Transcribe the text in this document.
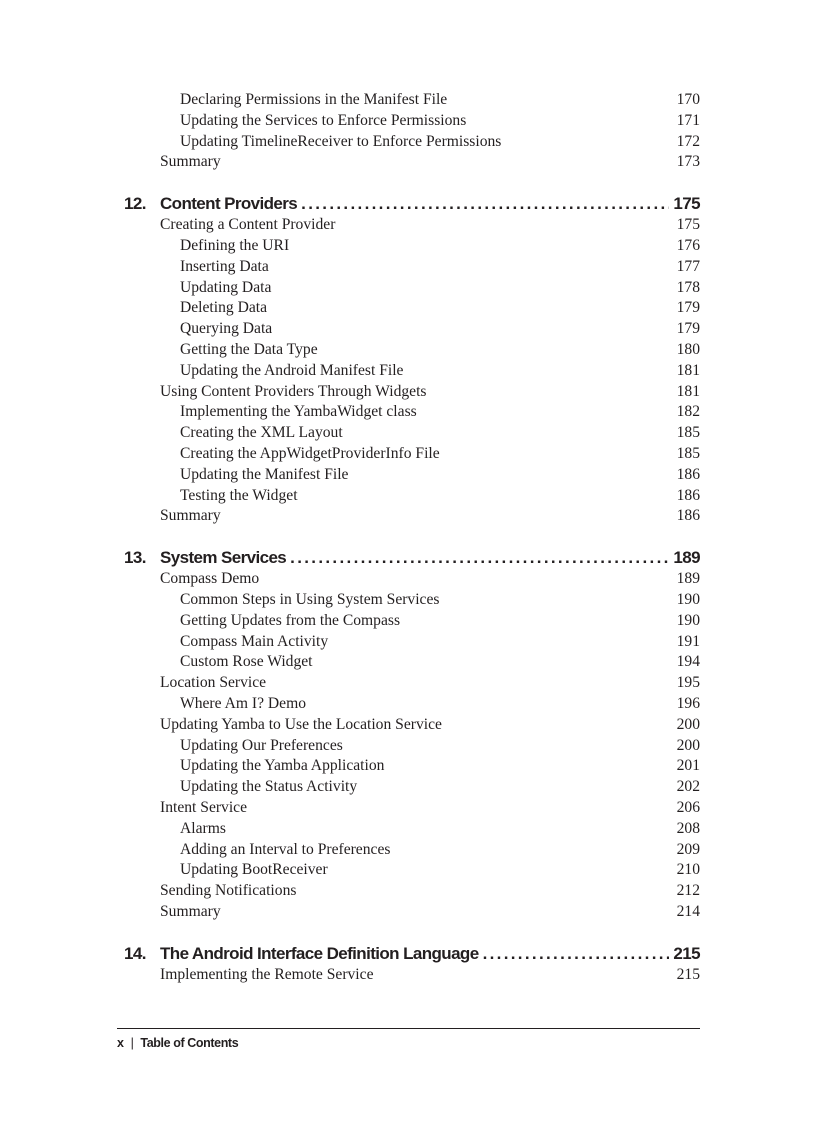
Declaring Permissions in the Manifest File	170
Updating the Services to Enforce Permissions	171
Updating TimelineReceiver to Enforce Permissions	172
Summary	173
12. Content Providers . . .	175
Creating a Content Provider	175
Defining the URI	176
Inserting Data	177
Updating Data	178
Deleting Data	179
Querying Data	179
Getting the Data Type	180
Updating the Android Manifest File	181
Using Content Providers Through Widgets	181
Implementing the YambaWidget class	182
Creating the XML Layout	185
Creating the AppWidgetProviderInfo File	185
Updating the Manifest File	186
Testing the Widget	186
Summary	186
13. System Services . . .	189
Compass Demo	189
Common Steps in Using System Services	190
Getting Updates from the Compass	190
Compass Main Activity	191
Custom Rose Widget	194
Location Service	195
Where Am I? Demo	196
Updating Yamba to Use the Location Service	200
Updating Our Preferences	200
Updating the Yamba Application	201
Updating the Status Activity	202
Intent Service	206
Alarms	208
Adding an Interval to Preferences	209
Updating BootReceiver	210
Sending Notifications	212
Summary	214
14. The Android Interface Definition Language . . .	215
Implementing the Remote Service	215
x | Table of Contents
